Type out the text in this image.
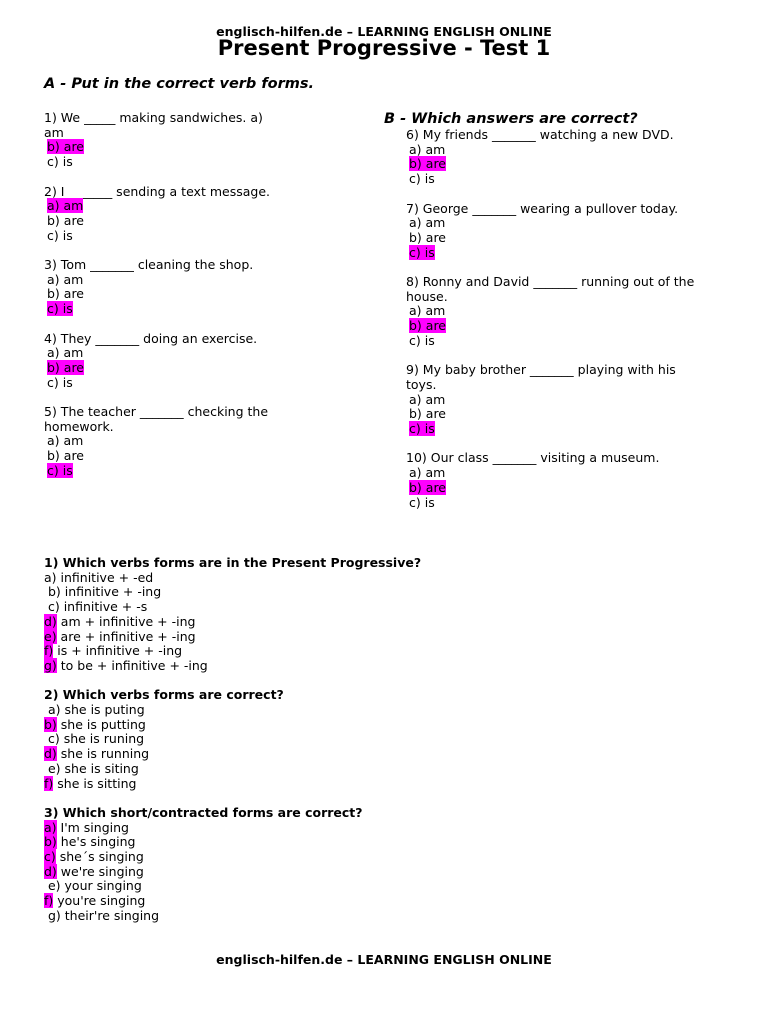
englisch-hilfen.de – LEARNING ENGLISH ONLINE
Present Progressive - Test 1
A - Put in the correct verb forms.
B - Which answers are correct?
1) We _____ making sandwiches. a)
am
b) are
c) is
2) I _______ sending a text message.
a) am
b) are
c) is
3) Tom _______ cleaning the shop.
a) am
b) are
c) is
4) They _______ doing an exercise.
a) am
b) are
c) is
5) The teacher _______ checking the
homework.
a) am
b) are
c) is
6) My friends _______ watching a new DVD.
a) am
b) are
c) is
7) George _______ wearing a pullover today.
a) am
b) are
c) is
8) Ronny and David _______ running out of the
house.
a) am
b) are
c) is
9) My baby brother _______ playing with his
toys.
a) am
b) are
c) is
10) Our class _______ visiting a museum.
a) am
b) are
c) is
1) Which verbs forms are in the Present Progressive?
a) infinitive + -ed
b) infinitive + -ing
c) infinitive + -s
d) am + infinitive + -ing
e) are + infinitive + -ing
f) is + infinitive + -ing
g) to be + infinitive + -ing
2) Which verbs forms are correct?
a) she is puting
b) she is putting
c) she is runing
d) she is running
e) she is siting
f) she is sitting
3) Which short/contracted forms are correct?
a) I'm singing
b) he's singing
c) she´s singing
d) we're singing
e) your singing
f) you're singing
g) their're singing
englisch-hilfen.de – LEARNING ENGLISH ONLINE
